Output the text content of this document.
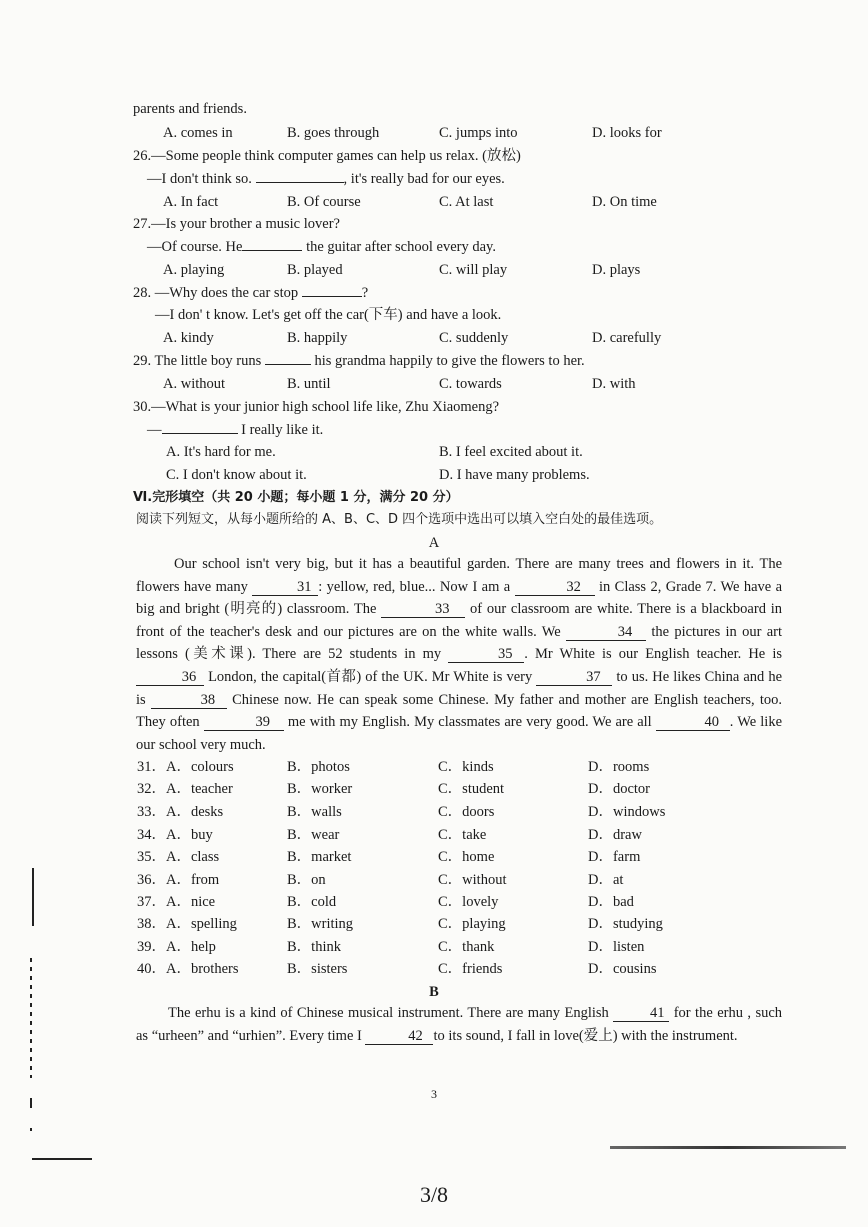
parents and friends.
A. comes in	B. goes through	C. jumps into	D. looks for
26.—Some people think computer games can help us relax. (放松)
—I don't think so.	, it's really bad for our eyes.
A. In fact	B. Of course	C. At last	D. On time
27.—Is your brother a music lover?
—Of course. He	the guitar after school every day.
A. playing	B. played	C. will play	D. plays
28. —Why does the car stop	?
—I don' t know. Let's get off the car(下车) and have a look.
A. kindy	B. happily	C. suddenly	D. carefully
29. The little boy runs	his grandma happily to give the flowers to her.
A. without	B. until	C. towards	D. with
30.—What is your junior high school life like, Zhu Xiaomeng?
—	I really like it.
A. It's hard for me.	B. I feel excited about it.
C. I don't know about it.	D. I have many problems.
Ⅵ.完形填空（共 20 小题；每小题 1 分，满分 20 分）
阅读下列短文，从每小题所给的 A、B、C、D 四个选项中选出可以填入空白处的最佳选项。
A
Our school isn't very big, but it has a beautiful garden. There are many trees and flowers in it. The flowers have many	31 : yellow, red, blue... Now I am a	32 in Class 2, Grade 7. We have a big and bright (明亮的) classroom. The	33 of our classroom are white. There is a blackboard in front of the teacher's desk and our pictures are on the white walls. We	34 the pictures in our art lessons (美术课). There are 52 students in my	35 . Mr White is our English teacher. He is 36 London, the capital(首都) of the UK. Mr White is very	37 to us. He likes China and he is	38 Chinese now. He can speak some Chinese. My father and mother are English teachers, too. They often	39 me with my English. My classmates are very good. We are all	40 . We like our school very much.
31．A．colours	B．photos	C．kinds	D．rooms
32．A．teacher	B．worker	C．student	D．doctor
33．A．desks	B．walls	C．doors	D．windows
34．A．buy	B．wear	C．take	D．draw
35．A．class	B．market	C．home	D．farm
36．A．from	B．on	C．without	D．at
37．A．nice	B．cold	C．lovely	D．bad
38．A．spelling	B．writing	C．playing	D．studying
39．A．help	B．think	C．thank	D．listen
40．A．brothers	B．sisters	C．friends	D．cousins
B
The erhu is a kind of Chinese musical instrument. There are many English	41 for the erhu , such as “urheen” and “urhien”. Every time I	42 to its sound, I fall in love(爱上) with the instrument.
3
3/8
